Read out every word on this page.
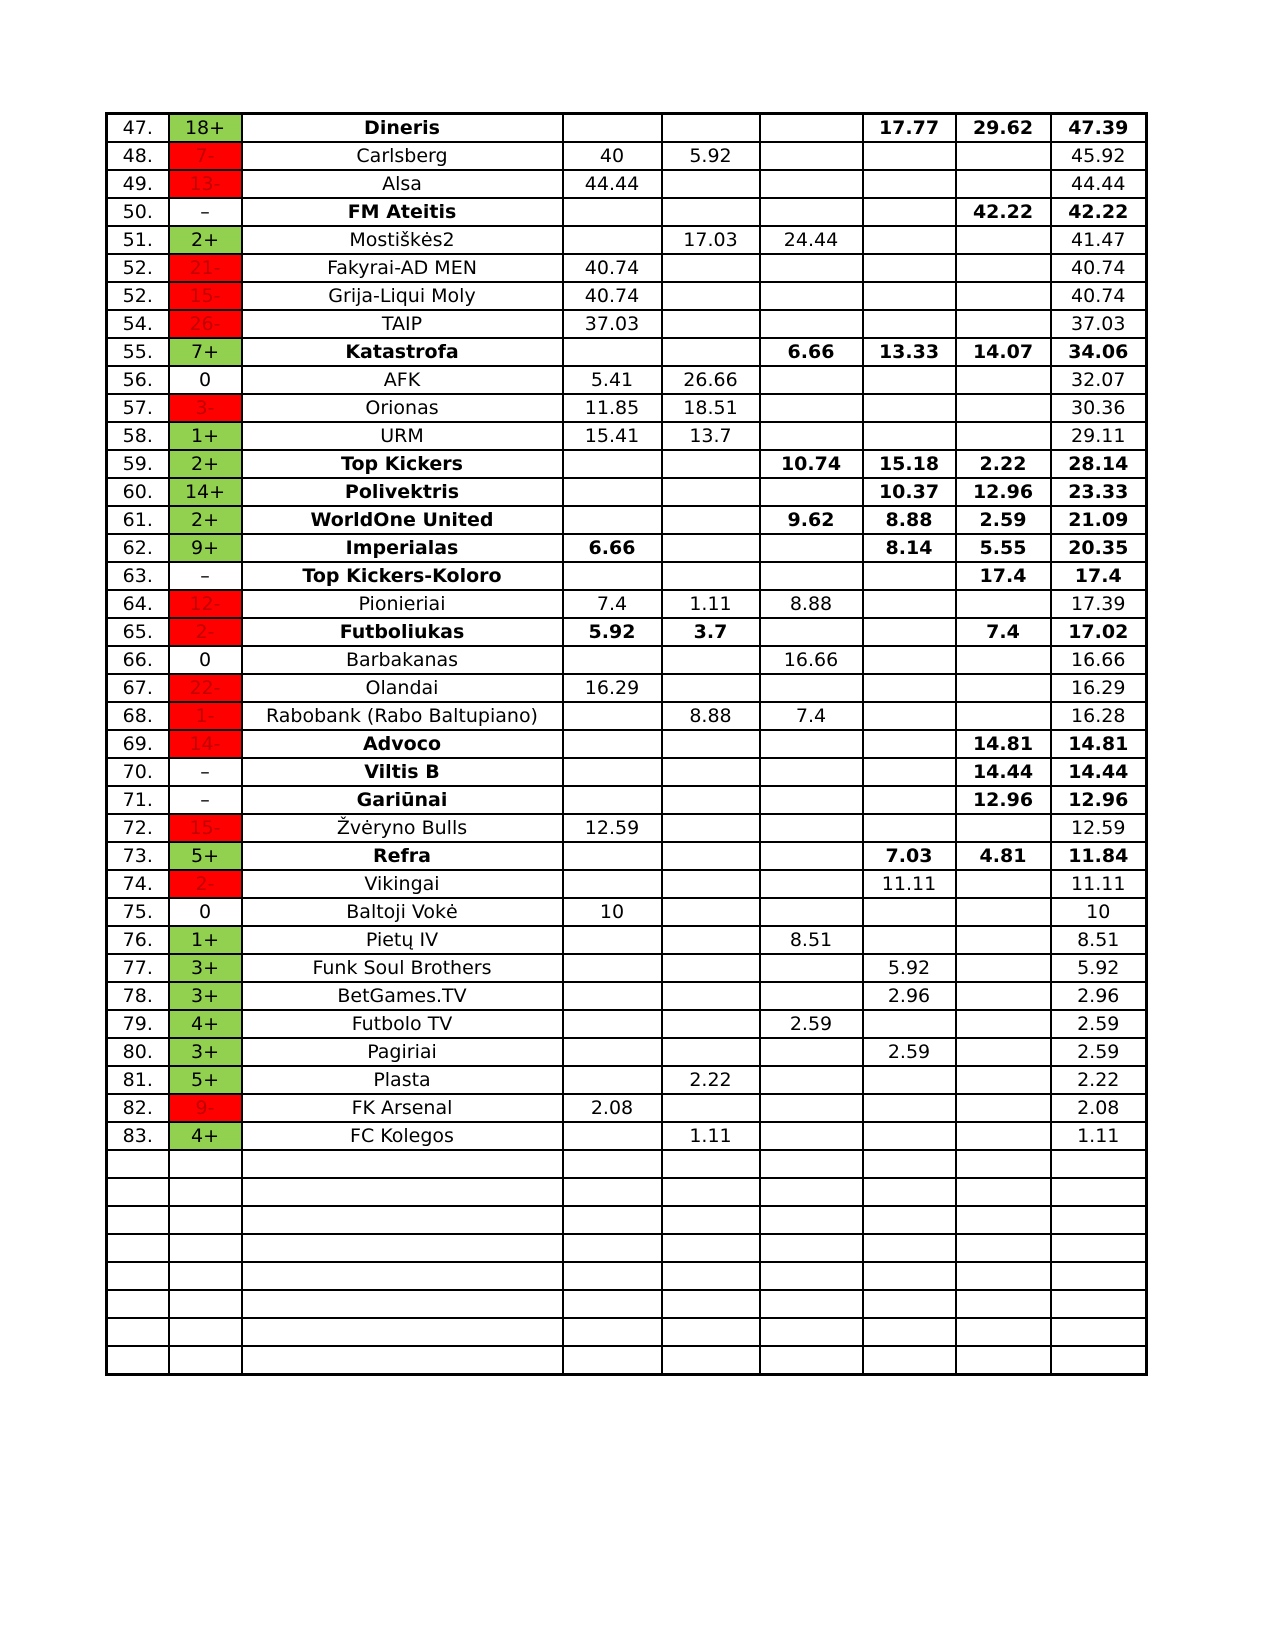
47.	18+	Dineris				17.77	29.62	47.39
48.	7-	Carlsberg	40	5.92				45.92
49.	13-	Alsa	44.44					44.44
50.	–	FM Ateitis					42.22	42.22
51.	2+	Mostiškės2		17.03	24.44			41.47
52.	21-	Fakyrai-AD MEN	40.74					40.74
52.	15-	Grija-Liqui Moly	40.74					40.74
54.	26-	TAIP	37.03					37.03
55.	7+	Katastrofa			6.66	13.33	14.07	34.06
56.	0	AFK	5.41	26.66				32.07
57.	3-	Orionas	11.85	18.51				30.36
58.	1+	URM	15.41	13.7				29.11
59.	2+	Top Kickers			10.74	15.18	2.22	28.14
60.	14+	Polivektris				10.37	12.96	23.33
61.	2+	WorldOne United			9.62	8.88	2.59	21.09
62.	9+	Imperialas	6.66			8.14	5.55	20.35
63.	–	Top Kickers-Koloro					17.4	17.4
64.	12-	Pionieriai	7.4	1.11	8.88			17.39
65.	2-	Futboliukas	5.92	3.7			7.4	17.02
66.	0	Barbakanas			16.66			16.66
67.	22-	Olandai	16.29					16.29
68.	1-	Rabobank (Rabo Baltupiano)		8.88	7.4			16.28
69.	14-	Advoco					14.81	14.81
70.	–	Viltis B					14.44	14.44
71.	–	Gariūnai					12.96	12.96
72.	15-	Žvėryno Bulls	12.59					12.59
73.	5+	Refra				7.03	4.81	11.84
74.	2-	Vikingai				11.11		11.11
75.	0	Baltoji Vokė	10					10
76.	1+	Pietų IV			8.51			8.51
77.	3+	Funk Soul Brothers				5.92		5.92
78.	3+	BetGames.TV				2.96		2.96
79.	4+	Futbolo TV			2.59			2.59
80.	3+	Pagiriai				2.59		2.59
81.	5+	Plasta		2.22				2.22
82.	9-	FK Arsenal	2.08					2.08
83.	4+	FC Kolegos		1.11				1.11
